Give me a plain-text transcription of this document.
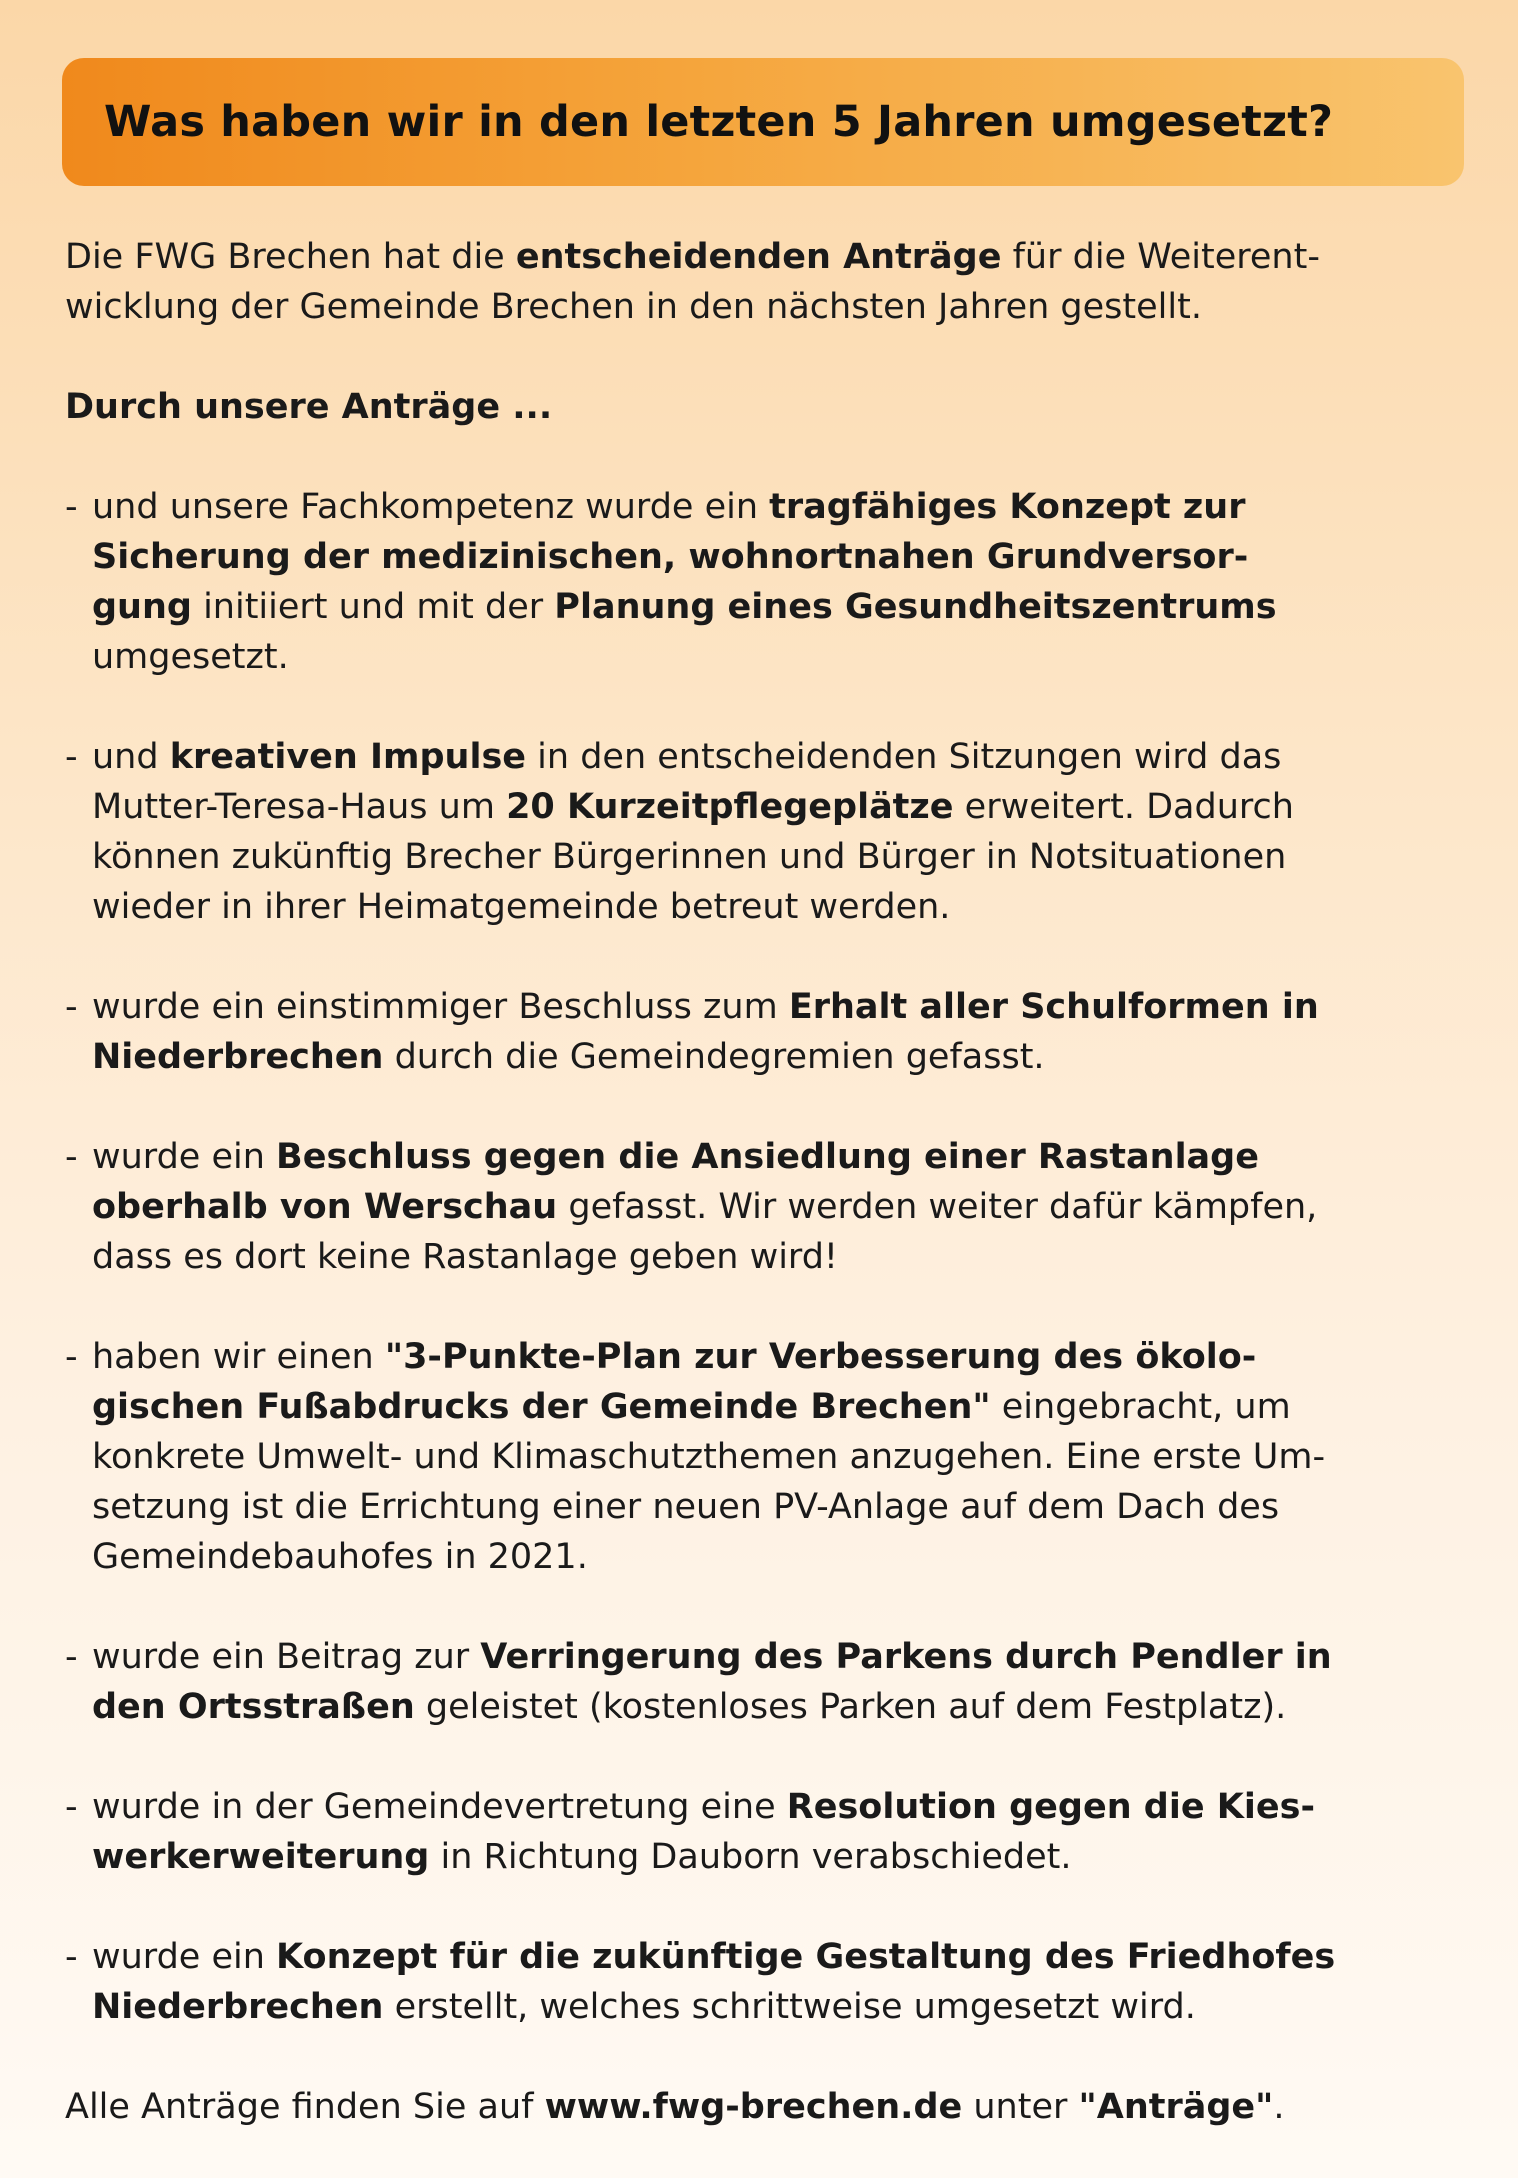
Was haben wir in den letzten 5 Jahren umgesetzt?
Die FWG Brechen hat die entscheidenden Anträge für die Weiterent-
wicklung der Gemeinde Brechen in den nächsten Jahren gestellt.
Durch unsere Anträge ...
- und unsere Fachkompetenz wurde ein tragfähiges Konzept zur
Sicherung der medizinischen, wohnortnahen Grundversor-
gung initiiert und mit der Planung eines Gesundheitszentrums
umgesetzt.
- und kreativen Impulse in den entscheidenden Sitzungen wird das
Mutter-Teresa-Haus um 20 Kurzeitpflegeplätze erweitert. Dadurch
können zukünftig Brecher Bürgerinnen und Bürger in Notsituationen
wieder in ihrer Heimatgemeinde betreut werden.
- wurde ein einstimmiger Beschluss zum Erhalt aller Schulformen in
Niederbrechen durch die Gemeindegremien gefasst.
- wurde ein Beschluss gegen die Ansiedlung einer Rastanlage
oberhalb von Werschau gefasst. Wir werden weiter dafür kämpfen,
dass es dort keine Rastanlage geben wird!
- haben wir einen "3-Punkte-Plan zur Verbesserung des ökolo-
gischen Fußabdrucks der Gemeinde Brechen" eingebracht, um
konkrete Umwelt- und Klimaschutzthemen anzugehen. Eine erste Um-
setzung ist die Errichtung einer neuen PV-Anlage auf dem Dach des
Gemeindebauhofes in 2021.
- wurde ein Beitrag zur Verringerung des Parkens durch Pendler in
den Ortsstraßen geleistet (kostenloses Parken auf dem Festplatz).
- wurde in der Gemeindevertretung eine Resolution gegen die Kies-
werkerweiterung in Richtung Dauborn verabschiedet.
- wurde ein Konzept für die zukünftige Gestaltung des Friedhofes
Niederbrechen erstellt, welches schrittweise umgesetzt wird.
Alle Anträge finden Sie auf www.fwg-brechen.de unter "Anträge".
